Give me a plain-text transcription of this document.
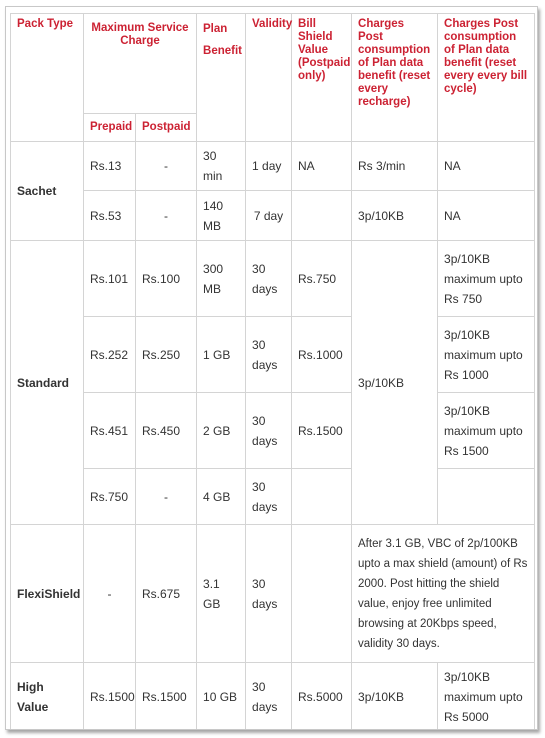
Pack Type	Maximum Service Charge		Plan Benefit	Validity	Bill Shield Value (Postpaid only)	Charges Post consumption of Plan data benefit (reset every recharge)	Charges Post consumption of Plan data benefit (reset every every bill cycle)
	Prepaid	Postpaid					
Sachet	Rs.13	-	30 min	1 day	NA	Rs 3/min	NA
	Rs.53	-	140 MB	7 day		3p/10KB	NA
Standard	Rs.101	Rs.100	300 MB	30 days	Rs.750	3p/10KB	3p/10KB maximum upto Rs 750
	Rs.252	Rs.250	1 GB	30 days	Rs.1000		3p/10KB maximum upto Rs 1000
	Rs.451	Rs.450	2 GB	30 days	Rs.1500		3p/10KB maximum upto Rs 1500
	Rs.750	-	4 GB	30 days			
FlexiShield	-	Rs.675	3.1 GB	30 days		After 3.1 GB, VBC of 2p/100KB upto a max shield (amount) of Rs 2000. Post hitting the shield value, enjoy free unlimited browsing at 20Kbps speed, validity 30 days.	
High Value	Rs.1500	Rs.1500	10 GB	30 days	Rs.5000	3p/10KB	3p/10KB maximum upto Rs 5000
